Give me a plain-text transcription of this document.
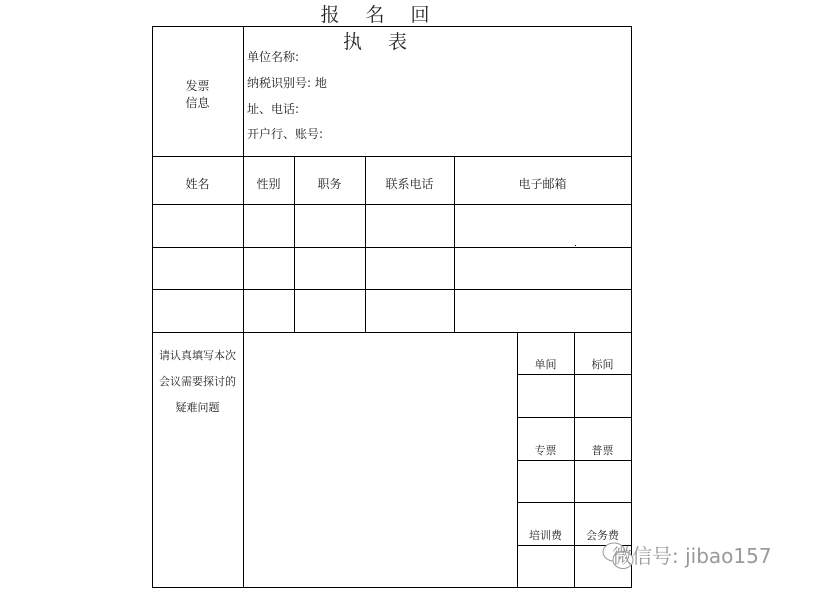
报 名 回 执 表
发票
信息
单位名称:
纳税识别号: 地
址、电话:
开户行、账号:
姓名	性别	职务	联系电话	电子邮箱
请认真填写本次
会议需要探讨的
疑难问题
单间	标间
专票	普票
培训费	会务费
微信号: jibao157
